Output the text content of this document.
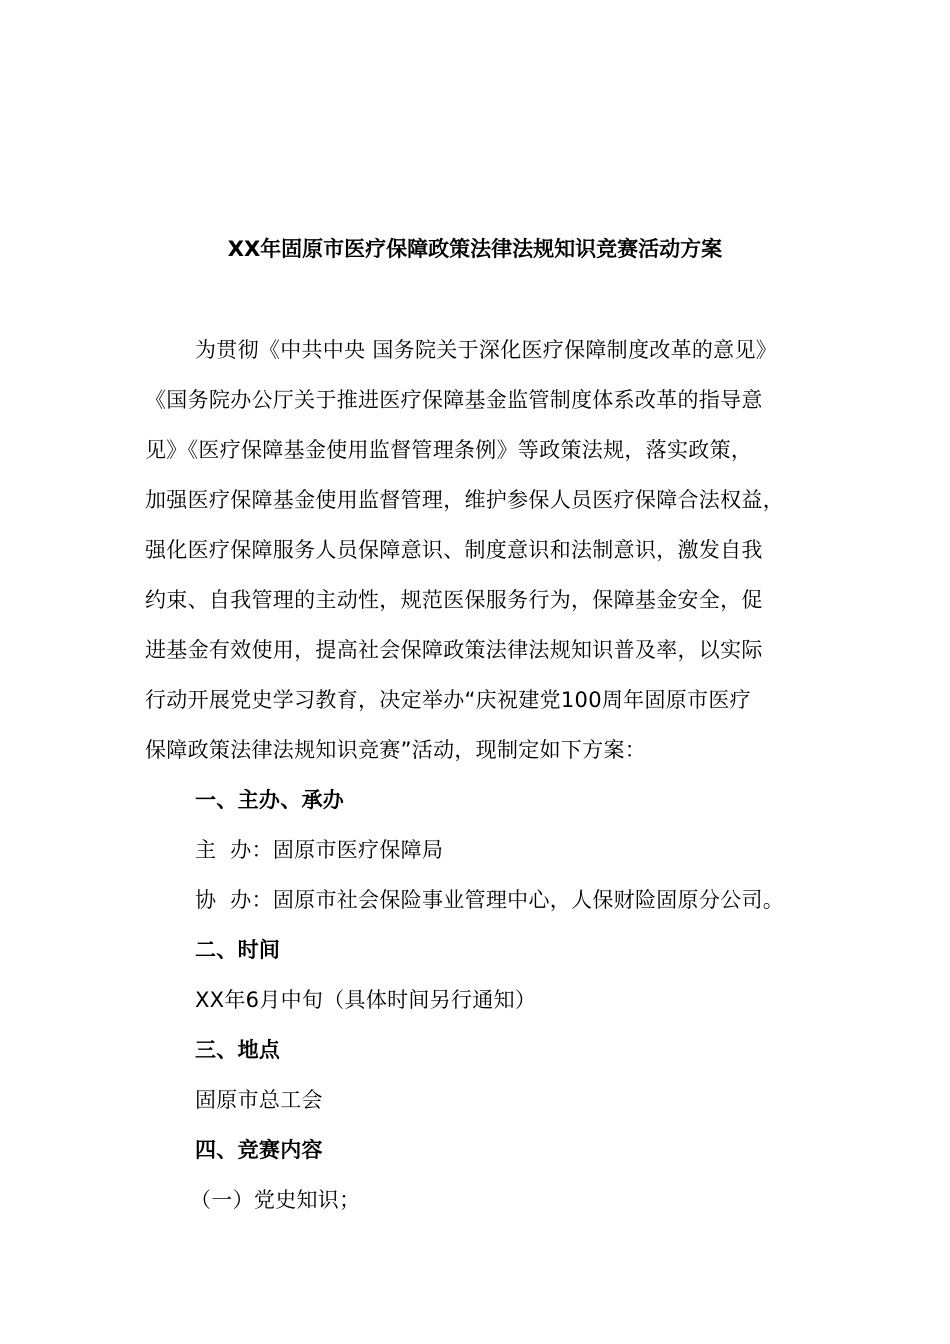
XX年固原市医疗保障政策法律法规知识竞赛活动方案
为贯彻《中共中央 国务院关于深化医疗保障制度改革的意见》
《国务院办公厅关于推进医疗保障基金监管制度体系改革的指导意
见》《医疗保障基金使用监督管理条例》等政策法规，落实政策，
加强医疗保障基金使用监督管理，维护参保人员医疗保障合法权益，
强化医疗保障服务人员保障意识、制度意识和法制意识，激发自我
约束、自我管理的主动性，规范医保服务行为，保障基金安全，促
进基金有效使用，提高社会保障政策法律法规知识普及率，以实际
行动开展党史学习教育，决定举办“庆祝建党100周年固原市医疗
保障政策法律法规知识竞赛”活动，现制定如下方案：
一、主办、承办
主  办：固原市医疗保障局
协  办：固原市社会保险事业管理中心，人保财险固原分公司。
二、时间
XX年6月中旬（具体时间另行通知）
三、地点
固原市总工会
四、竞赛内容
（一）党史知识；
